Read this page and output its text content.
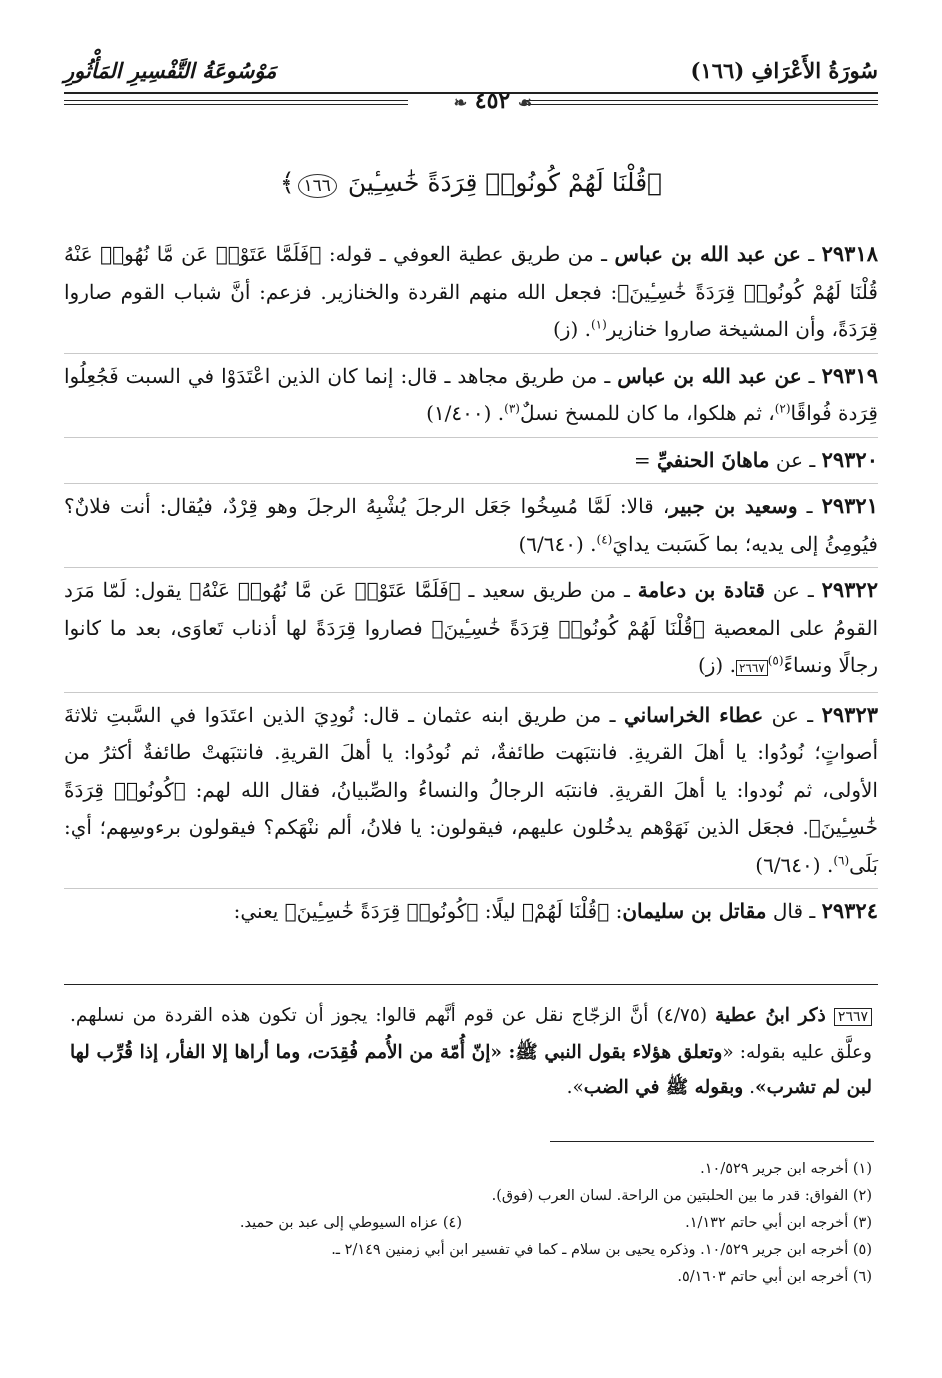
سُورَةُ الأَعْرَافِ (١٦٦)
مَوْسُوعَةُ التَّفْسِيرِ المَأْثُورِ
☙ ٤٥٢ ❧
﴿قُلْنَا لَهُمْ كُونُوا۟ قِرَدَةً خَٰسِـِٔينَ ١٦٦﴾

٢٩٣١٨ ـ عن عبد الله بن عباس ـ من طريق عطية العوفي ـ قوله: ﴿فَلَمَّا عَتَوْا۟ عَن مَّا نُهُوا۟ عَنْهُ قُلْنَا لَهُمْ كُونُوا۟ قِرَدَةً خَٰسِـِٔينَ﴾: فجعل الله منهم القردة والخنازير. فزعم: أنَّ شباب القوم صاروا قِرَدَةً، وأن المشيخة صاروا خنازير$^{(١)}$. (ز)

٢٩٣١٩ ـ عن عبد الله بن عباس ـ من طريق مجاهد ـ قال: إنما كان الذين اعْتَدَوْا في السبت فَجُعِلُوا قِرَدة فُواقًا$^{(٢)}$، ثم هلكوا، ما كان للمسخ نسلٌ$^{(٣)}$. (١/٤٠٠)

٢٩٣٢٠ ـ عن ماهانَ الحنفيِّ =

٢٩٣٢١ ـ وسعيد بن جبير، قالا: لَمَّا مُسِخُوا جَعَل الرجلَ يُشْبِهُ الرجلَ وهو قِرْدٌ، فيُقال: أنت فلانٌ؟ فيُومِئُ إلى يديه؛ بما كَسَبت يدايَ$^{(٤)}$. (٦/٦٤٠)

٢٩٣٢٢ ـ عن قتادة بن دعامة ـ من طريق سعيد ـ ﴿فَلَمَّا عَتَوْا۟ عَن مَّا نُهُوا۟ عَنْهُ﴾ يقول: لَمّا مَرَد القومُ على المعصية ﴿قُلْنَا لَهُمْ كُونُوا۟ قِرَدَةً خَٰسِـِٔينَ﴾ فصاروا قِرَدَةً لها أذناب تَعاوَى، بعد ما كانوا رجالًا ونساءً$^{(٥)}$٢٦٦٧. (ز)

٢٩٣٢٣ ـ عن عطاء الخراساني ـ من طريق ابنه عثمان ـ قال: نُودِيَ الذين اعتَدَوا في السَّبتِ ثلاثةَ أصواتٍ؛ نُودُوا: يا أهلَ القريةِ. فانتبَهت طائفةٌ، ثم نُودُوا: يا أهلَ القريةِ. فانتبَهتْ طائفةٌ أكثرُ من الأولى، ثم نُودوا: يا أهلَ القريةِ. فانتبَه الرجالُ والنساءُ والصِّبيانُ، فقال الله لهم: ﴿كُونُوا۟ قِرَدَةً خَٰسِـِٔينَ﴾. فجعَل الذين نَهَوْهم يدخُلون عليهم، فيقولون: يا فلانُ، ألم ننْهَكم؟ فيقولون برءوسِهم؛ أي: بَلَى$^{(٦)}$. (٦/٦٤٠)

٢٩٣٢٤ ـ قال مقاتل بن سليمان: ﴿قُلْنَا لَهُمْ﴾ ليلًا: ﴿كُونُوا۟ قِرَدَةً خَٰسِـِٔينَ﴾ يعني:

٢٦٦٧ ذكر ابنُ عطية (٤/٧٥) أنَّ الزجّاج نقل عن قوم أنَّهم قالوا: يجوز أن تكون هذه القردة من نسلهم. وعلَّق عليه بقوله: «وتعلق هؤلاء بقول النبي ﷺ: «إنّ أُمّة من الأُمم فُقِدَت، وما أراها إلا الفأر، إذا قُرِّب لها لبن لم تشرب». وبقوله ﷺ في الضب».
(١) أخرجه ابن جرير ١٠/٥٢٩.
(٢) الفواق: قدر ما بين الحلبتين من الراحة. لسان العرب (فوق).
(٣) أخرجه ابن أبي حاتم ١/١٣٢.
(٤) عزاه السيوطي إلى عبد بن حميد.
(٥) أخرجه ابن جرير ١٠/٥٢٩. وذكره يحيى بن سلام ـ كما في تفسير ابن أبي زمنين ٢/١٤٩ ـ.
(٦) أخرجه ابن أبي حاتم ٥/١٦٠٣.
